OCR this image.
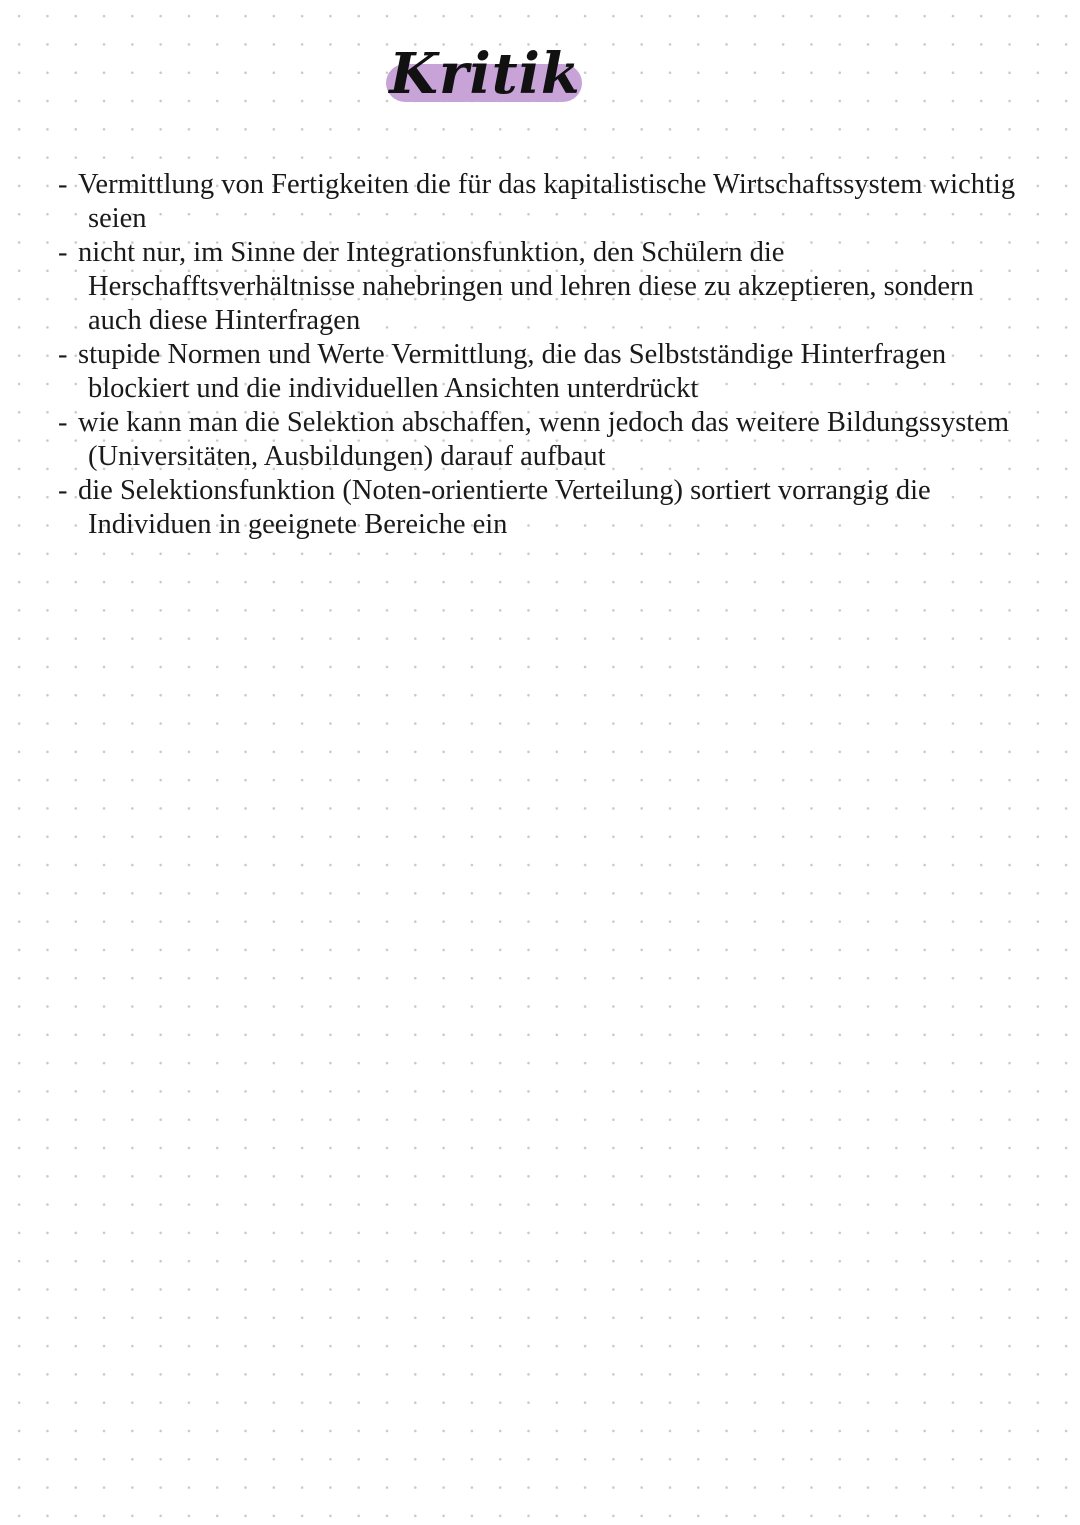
Kritik
- Vermittlung von Fertigkeiten die für das kapitalistische Wirtschaftssystem wichtig seien
- nicht nur, im Sinne der Integrationsfunktion, den Schülern die Herschafftsverhältnisse nahebringen und lehren diese zu akzeptieren, sondern auch diese Hinterfragen
- stupide Normen und Werte Vermittlung, die das Selbstständige Hinterfragen blockiert und die individuellen Ansichten unterdrückt
- wie kann man die Selektion abschaffen, wenn jedoch das weitere Bildungssystem (Universitäten, Ausbildungen) darauf aufbaut
- die Selektionsfunktion (Noten-orientierte Verteilung) sortiert vorrangig die Individuen in geeignete Bereiche ein
